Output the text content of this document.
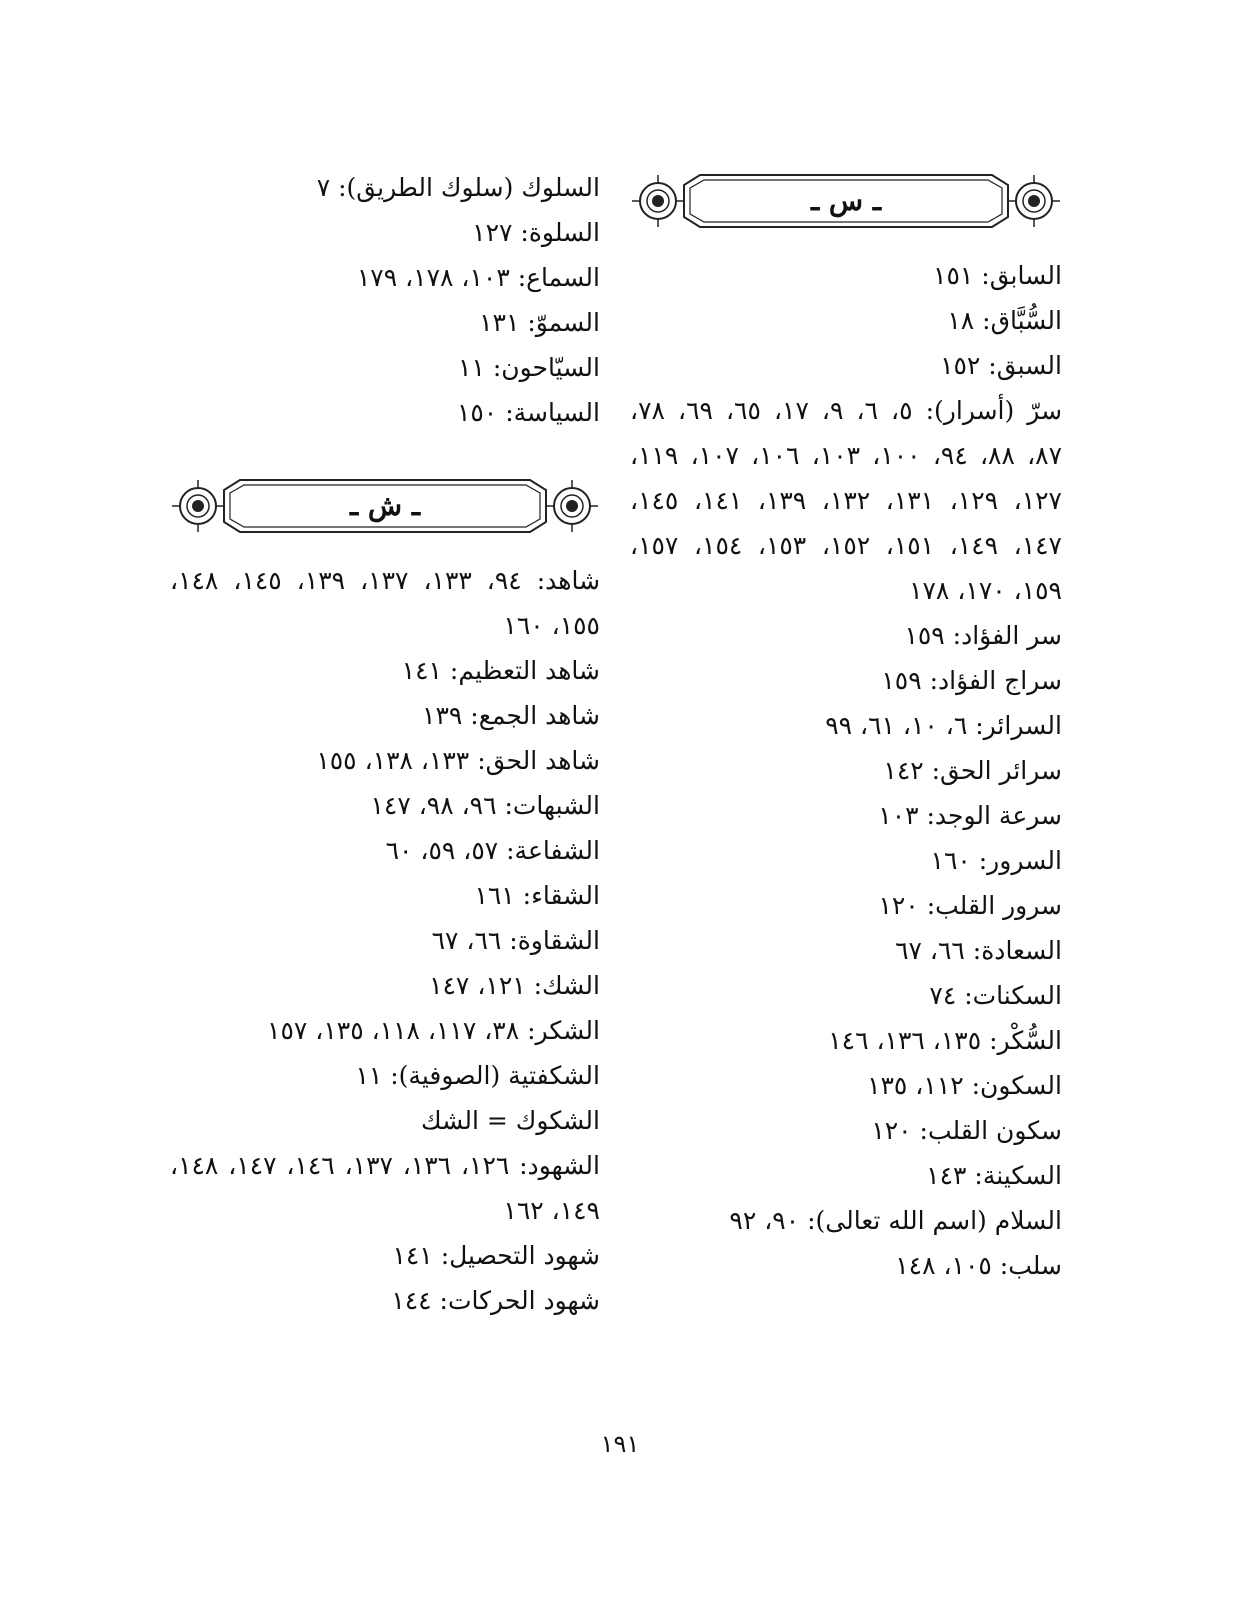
ـ س ـ
السابق: ١٥١
السُّبَّاق: ١٨
السبق: ١٥٢
سرّ (أسرار): ٥، ٦، ٩، ١٧، ٦٥، ٦٩، ٧٨، ٨٧، ٨٨، ٩٤، ١٠٠، ١٠٣، ١٠٦، ١٠٧، ١١٩، ١٢٧، ١٢٩، ١٣١، ١٣٢، ١٣٩، ١٤١، ١٤٥، ١٤٧، ١٤٩، ١٥١، ١٥٢، ١٥٣، ١٥٤، ١٥٧، ١٥٩، ١٧٠، ١٧٨
سر الفؤاد: ١٥٩
سراج الفؤاد: ١٥٩
السرائر: ٦، ١٠، ٦١، ٩٩
سرائر الحق: ١٤٢
سرعة الوجد: ١٠٣
السرور: ١٦٠
سرور القلب: ١٢٠
السعادة: ٦٦، ٦٧
السكنات: ٧٤
السُّكْر: ١٣٥، ١٣٦، ١٤٦
السكون: ١١٢، ١٣٥
سكون القلب: ١٢٠
السكينة: ١٤٣
السلام (اسم الله تعالى): ٩٠، ٩٢
سلب: ١٠٥، ١٤٨
السلوك (سلوك الطريق): ٧
السلوة: ١٢٧
السماع: ١٠٣، ١٧٨، ١٧٩
السموّ: ١٣١
السيّاحون: ١١
السياسة: ١٥٠
ـ ش ـ
شاهد: ٩٤، ١٣٣، ١٣٧، ١٣٩، ١٤٥، ١٤٨، ١٥٥، ١٦٠
شاهد التعظيم: ١٤١
شاهد الجمع: ١٣٩
شاهد الحق: ١٣٣، ١٣٨، ١٥٥
الشبهات: ٩٦، ٩٨، ١٤٧
الشفاعة: ٥٧، ٥٩، ٦٠
الشقاء: ١٦١
الشقاوة: ٦٦، ٦٧
الشك: ١٢١، ١٤٧
الشكر: ٣٨، ١١٧، ١١٨، ١٣٥، ١٥٧
الشكفتية (الصوفية): ١١
الشكوك = الشك
الشهود: ١٢٦، ١٣٦، ١٣٧، ١٤٦، ١٤٧، ١٤٨، ١٤٩، ١٦٢
شهود التحصيل: ١٤١
شهود الحركات: ١٤٤
١٩١
